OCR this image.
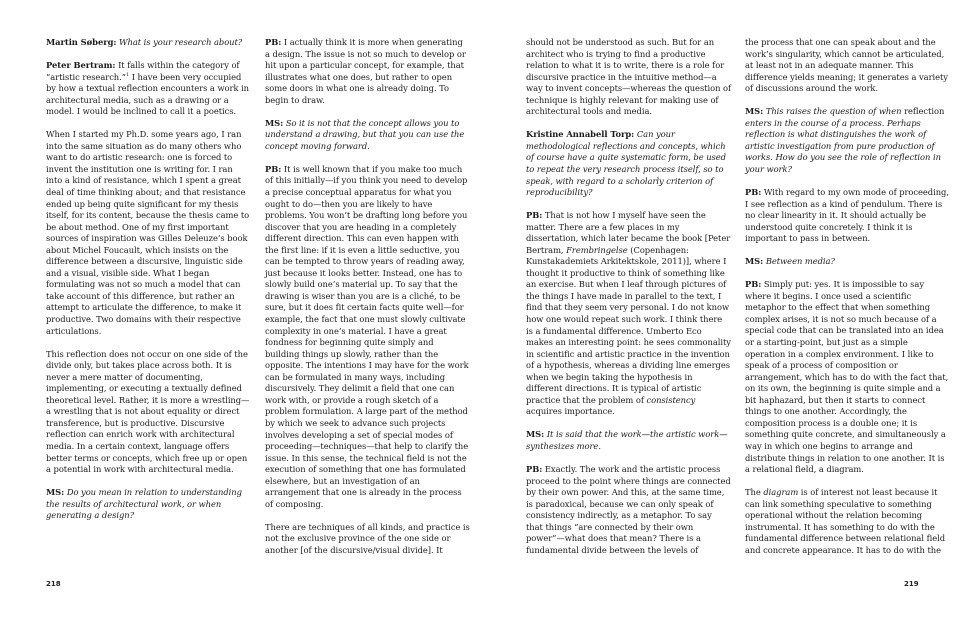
Martin Søberg: What is your research about?

Peter Bertram: It falls within the category of “artistic research.”$^1$ I have been very occupied by how a textual reflection encounters a work in architectural media, such as a drawing or a model. I would be inclined to call it a poetics.

When I started my Ph.D. some years ago, I ran into the same situation as do many others who want to do artistic research: one is forced to invent the institution one is writing for. I ran into a kind of resistance, which I spent a great deal of time thinking about; and that resistance ended up being quite significant for my thesis itself, for its content, because the thesis came to be about method. One of my first important sources of inspiration was Gilles Deleuze’s book about Michel Foucault, which insists on the difference between a discursive, linguistic side and a visual, visible side. What I began formulating was not so much a model that can take account of this difference, but rather an attempt to articulate the difference, to make it productive. Two domains with their respective articulations.

This reflection does not occur on one side of the divide only, but takes place across both. It is never a mere matter of documenting, implementing, or executing a textually defined theoretical level. Rather, it is more a wrestling—a wrestling that is not about equality or direct transference, but is productive. Discursive reflection can enrich work with architectural media. In a certain context, language offers better terms or concepts, which free up or open a potential in work with architectural media.

MS: Do you mean in relation to understanding the results of architectural work, or when generating a design?

PB: I actually think it is more when generating a design. The issue is not so much to develop or hit upon a particular concept, for example, that illustrates what one does, but rather to open some doors in what one is already doing. To begin to draw.

MS: So it is not that the concept allows you to understand a drawing, but that you can use the concept moving forward.

PB: It is well known that if you make too much of this initially—if you think you need to develop a precise conceptual apparatus for what you ought to do—then you are likely to have problems. You won’t be drafting long before you discover that you are heading in a completely different direction. This can even happen with the first line: if it is even a little seductive, you can be tempted to throw years of reading away, just because it looks better. Instead, one has to slowly build one’s material up. To say that the drawing is wiser than you are is a cliché, to be sure, but it does fit certain facts quite well—for example, the fact that one must slowly cultivate complexity in one’s material. I have a great fondness for beginning quite simply and building things up slowly, rather than the opposite. The intentions I may have for the work can be formulated in many ways, including discursively. They delimit a field that one can work with, or provide a rough sketch of a problem formulation. A large part of the method by which we seek to advance such projects involves developing a set of special modes of proceeding—techniques—that help to clarify the issue. In this sense, the technical field is not the execution of something that one has formulated elsewhere, but an investigation of an arrangement that one is already in the process of composing.

There are techniques of all kinds, and practice is not the exclusive province of the one side or another [of the discursive/visual divide]. It

218

should not be understood as such. But for an architect who is trying to find a productive relation to what it is to write, there is a role for discursive practice in the intuitive method—a way to invent concepts—whereas the question of technique is highly relevant for making use of architectural tools and media.

Kristine Annabell Torp: Can your methodological reflections and concepts, which of course have a quite systematic form, be used to repeat the very research process itself, so to speak, with regard to a scholarly criterion of reproducibility?

PB: That is not how I myself have seen the matter. There are a few places in my dissertation, which later became the book [Peter Bertram, Frembringelse (Copenhagen: Kunstakademiets Arkitektskole, 2011)], where I thought it productive to think of something like an exercise. But when I leaf through pictures of the things I have made in parallel to the text, I find that they seem very personal. I do not know how one would repeat such work. I think there is a fundamental difference. Umberto Eco makes an interesting point: he sees commonality in scientific and artistic practice in the invention of a hypothesis, whereas a dividing line emerges when we begin taking the hypothesis in different directions. It is typical of artistic practice that the problem of consistency acquires importance.

MS: It is said that the work—the artistic work—synthesizes more.

PB: Exactly. The work and the artistic process proceed to the point where things are connected by their own power. And this, at the same time, is paradoxical, because we can only speak of consistency indirectly, as a metaphor. To say that things “are connected by their own power”—what does that mean? There is a fundamental divide between the levels of

the process that one can speak about and the work’s singularity, which cannot be articulated, at least not in an adequate manner. This difference yields meaning; it generates a variety of discussions around the work.

MS: This raises the question of when reflection enters in the course of a process. Perhaps reflection is what distinguishes the work of artistic investigation from pure production of works. How do you see the role of reflection in your work?

PB: With regard to my own mode of proceeding, I see reflection as a kind of pendulum. There is no clear linearity in it. It should actually be understood quite concretely. I think it is important to pass in between.

MS: Between media?

PB: Simply put: yes. It is impossible to say where it begins. I once used a scientific metaphor to the effect that when something complex arises, it is not so much because of a special code that can be translated into an idea or a starting-point, but just as a simple operation in a complex environment. I like to speak of a process of composition or arrangement, which has to do with the fact that, on its own, the beginning is quite simple and a bit haphazard, but then it starts to connect things to one another. Accordingly, the composition process is a double one; it is something quite concrete, and simultaneously a way in which one begins to arrange and distribute things in relation to one another. It is a relational field, a diagram.

The diagram is of interest not least because it can link something speculative to something operational without the relation becoming instrumental. It has something to do with the fundamental difference between relational field and concrete appearance. It has to do with the

219
